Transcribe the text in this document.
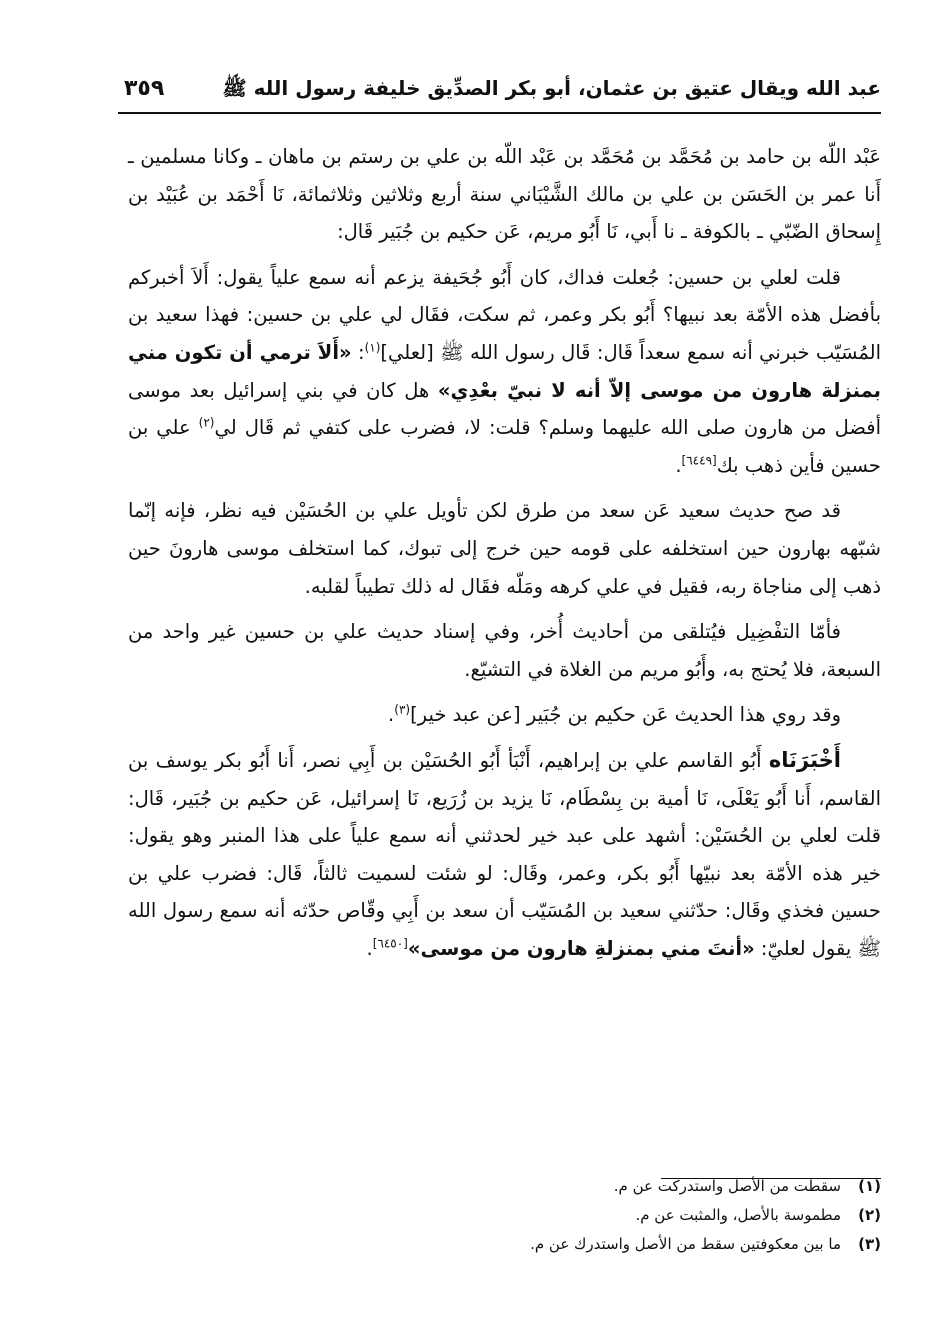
٣٥٩	عبد الله ويقال عتيق بن عثمان، أبو بكر الصدِّيق خليفة رسول الله ﷺ

عَبْد اللّه بن حامد بن مُحَمَّد بن مُحَمَّد بن عَبْد اللّه بن علي بن رستم بن ماهان ـ وكانا مسلمين ـ أَنا عمر بن الحَسَن بن علي بن مالك الشَّيْبَاني سنة أربع وثلاثين وثلاثمائة، نَا أَحْمَد بن عُبَيْد بن إِسحاق الضّبّي ـ بالكوفة ـ نا أَبي، نَا أَبُو مريم، عَن حكيم بن جُبَير قَال:

قلت لعلي بن حسين: جُعلت فداك، كان أَبُو جُحَيفة يزعم أنه سمع علياً يقول: أَلاَ أخبركم بأفضل هذه الأمّة بعد نبيها؟ أَبُو بكر وعمر، ثم سكت، فقَال لي علي بن حسين: فهذا سعيد بن المُسَيّب خبرني أنه سمع سعداً قَال: قَال رسول الله ﷺ [لعلي]$^{(١)}$: «أَلاَ ترمي أن تكون مني بمنزلة هارون من موسى إلاّ أنه لا نبيّ بعْدِي» هل كان في بني إسرائيل بعد موسى أفضل من هارون صلى الله عليهما وسلم؟ قلت: لا، فضرب على كتفي ثم قَال لي$^{(٢)}$ علي بن حسين فأين ذهب بك[٦٤٤٩].

قد صح حديث سعيد عَن سعد من طرق لكن تأويل علي بن الحُسَيْن فيه نظر، فإنه إنّما شبّهه بهارون حين استخلفه على قومه حين خرج إلى تبوك، كما استخلف موسى هارونَ حين ذهب إلى مناجاة ربه، فقيل في علي كرهه ومَلّه فقَال له ذلك تطيباً لقلبه.

فأمّا التفْضِيل فيُتلقى من أحاديث أُخر، وفي إسناد حديث علي بن حسين غير واحد من السبعة، فلا يُحتج به، وأَبُو مريم من الغلاة في التشيّع.

وقد روي هذا الحديث عَن حكيم بن جُبَير [عن عبد خير]$^{(٣)}$.

أَخْبَرَنَاه أَبُو القاسم علي بن إبراهيم، أَنْبَأ أَبُو الحُسَيْن بن أَبِي نصر، أَنا أَبُو بكر يوسف بن القاسم، أَنا أَبُو يَعْلَى، نَا أمية بن بِسْطَام، نَا يزيد بن زُرَيع، نَا إسرائيل، عَن حكيم بن جُبَير، قَال: قلت لعلي بن الحُسَيْن: أشهد على عبد خير لحدثني أنه سمع علياً على هذا المنبر وهو يقول: خير هذه الأمّة بعد نبيّها أَبُو بكر، وعمر، وقَال: لو شئت لسميت ثالثاً، قَال: فضرب علي بن حسين فخذي وقَال: حدّثني سعيد بن المُسَيّب أن سعد بن أَبِي وقّاص حدّثه أنه سمع رسول الله ﷺ يقول لعليّ: «أنتَ مني بمنزلةِ هارون من موسى»[٦٤٥٠].

(١)سقطت من الأصل واستدركت عن م.
(٢)مطموسة بالأصل، والمثبت عن م.
(٣)ما بين معكوفتين سقط من الأصل واستدرك عن م.
